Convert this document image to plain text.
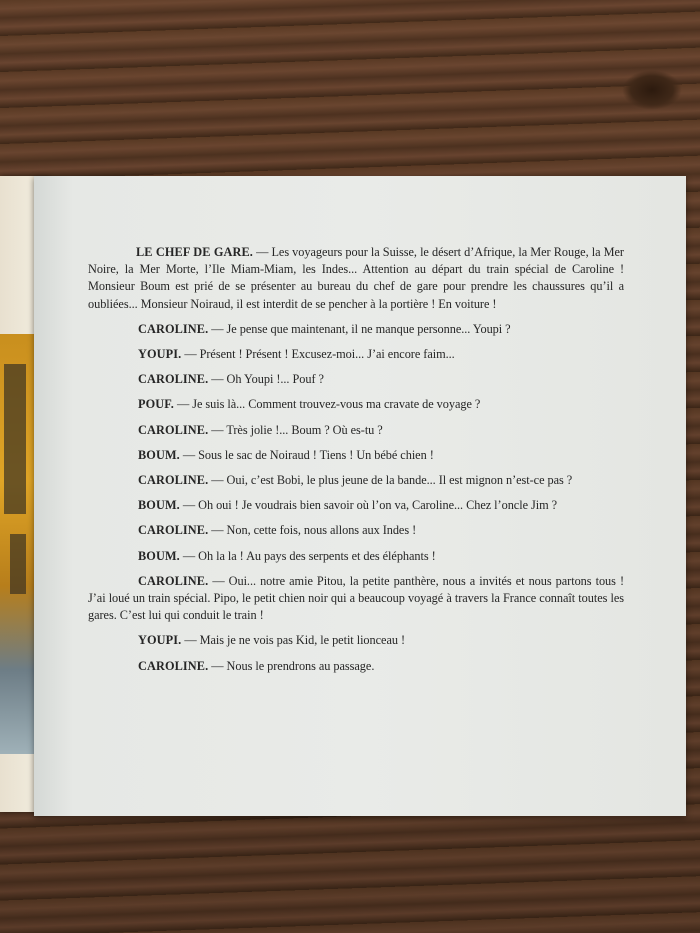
LE CHEF DE GARE. — Les voyageurs pour la Suisse, le désert d’Afrique, la Mer Rouge, la Mer Noire, la Mer Morte, l’Ile Miam-Miam, les Indes... Attention au départ du train spécial de Caroline ! Monsieur Boum est prié de se présenter au bureau du chef de gare pour prendre les chaussures qu’il a oubliées... Monsieur Noiraud, il est interdit de se pencher à la portière ! En voiture !

CAROLINE. — Je pense que maintenant, il ne manque personne... Youpi ?

YOUPI. — Présent ! Présent ! Excusez-moi... J’ai encore faim...

CAROLINE. — Oh Youpi !... Pouf ?

POUF. — Je suis là... Comment trouvez-vous ma cravate de voyage ?

CAROLINE. — Très jolie !... Boum ? Où es-tu ?

BOUM. — Sous le sac de Noiraud ! Tiens ! Un bébé chien !

CAROLINE. — Oui, c’est Bobi, le plus jeune de la bande... Il est mignon n’est-ce pas ?

BOUM. — Oh oui ! Je voudrais bien savoir où l’on va, Caroline... Chez l’oncle Jim ?

CAROLINE. — Non, cette fois, nous allons aux Indes !

BOUM. — Oh la la ! Au pays des serpents et des éléphants !

CAROLINE. — Oui... notre amie Pitou, la petite panthère, nous a invités et nous partons tous ! J’ai loué un train spécial. Pipo, le petit chien noir qui a beaucoup voyagé à travers la France connaît toutes les gares. C’est lui qui conduit le train !

YOUPI. — Mais je ne vois pas Kid, le petit lionceau !

CAROLINE. — Nous le prendrons au passage.
